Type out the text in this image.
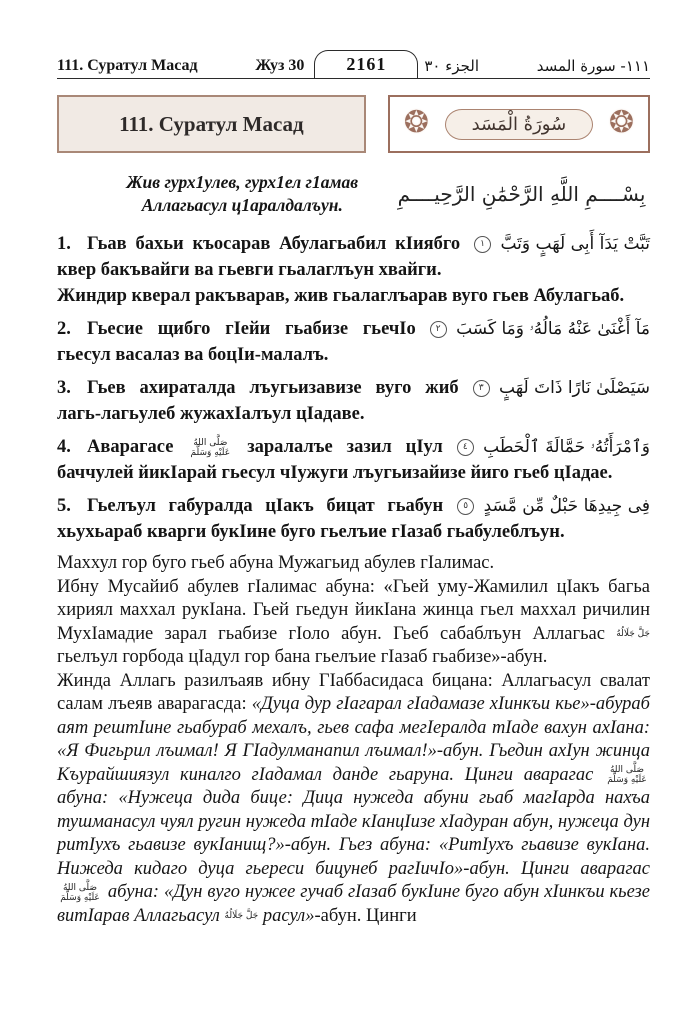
111. Суратул Масад	Жуз 30 2161	الجزء ٣٠	١١١- سورة المسد
111. Суратул Масад	❂	سُورَةُ الْمَسَد	❂
Жив гурх1улев, гурх1ел г1амав
Аллагьасул ц1аралдалъун.	بِسْــــمِ اللَّهِ الرَّحْمَٰنِ الرَّحِيــــمِ
تَبَّتْ يَدَآ أَبِى لَهَبٍ وَتَبَّ ١
1. Гьав бахьи къосарав Абулагьабил кIиябго квер бакъвайги ва гьевги гьалаглъун хвайги.
Жиндир кверал ракъварав, жив гьалаглъарав вуго гьев Абулагьаб.
مَآ أَغْنَىٰ عَنْهُ مَالُهُۥ وَمَا كَسَبَ ٢
2. Гьесие щибго гIейи гьабизе гьечIо гьесул васалаз ва боцIи-малалъ.
سَيَصْلَىٰ نَارًا ذَاتَ لَهَبٍ ٣
3. Гьев ахираталда лъугьизавизе вуго жиб лагь-лагьулеб жужахIалъул цIадаве.
وَٱمْرَأَتُهُۥ حَمَّالَةَ ٱلْحَطَبِ ٤
4. Аварагасе صَلَّى اللهُ عَلَيْهِ وَسَلَّمَ заралалъе зазил цIул баччулей йикIарай гьесул чIужуги лъугьизайизе йиго гьеб цIадае.
فِى جِيدِهَا حَبْلٌ مِّن مَّسَدٍ ٥
5. Гьелъул габуралда цIакъ бицат гьабун хьухьараб кварги букIине буго гьелъие гIазаб гьабулеблъун.

Маххул гор буго гьеб абуна Мужагьид абулев гIалимас.

Ибну Мусайиб абулев гIалимас абуна: «Гьей уму-Жамилил цIакъ багьа хириял маххал рукIана. Гьей гьедун йикIана жинца гьел маххал ричилин МухIамадие зарал гьабизе гIоло абун. Гьеб сабаблъун Аллагьас جَلَّ جَلَالُهُ гьелъул горбода цIадул гор бана гьелъие гIазаб гьабизе»-абун.

Жинда Аллагь разилъаяв ибну ГIаббасидаса бицана: Аллагьасул свалат салам лъеяв аварагасда: «Дуца дур гIагарал гIадамазе хIинкъи кье»-абураб аят рештIине гьабураб мехалъ, гьев сафа мегIералда тIаде вахун ахIана: «Я Фигьрил лъимал! Я ГIадулманапил лъимал!»-абун. Гьедин ахIун жинца Къурайшиязул киналго гIадамал данде гьаруна. Цинги аварагас صَلَّى اللهُ عَلَيْهِ وَسَلَّمَ абуна: «Нужеца дида бице: Дица нужеда абуни гьаб магIарда нахъа тушманасул чуял ругин нужеда тIаде кIанцIизе хIадуран абун, нужеца дун ритIухъ гьавизе вукIанищ?»-абун. Гьез абуна: «РитIухъ гьавизе вукIана. Нижеда кидаго дуца гьереси бицунеб рагIичIо»-абун. Цинги аварагас صَلَّى اللهُ عَلَيْهِ وَسَلَّمَ абуна: «Дун вуго нужее гучаб гIазаб букIине буго абун хIинкъи кьезе витIарав Аллагьасул جَلَّ جَلَالُهُ расул»-абун. Цинги
